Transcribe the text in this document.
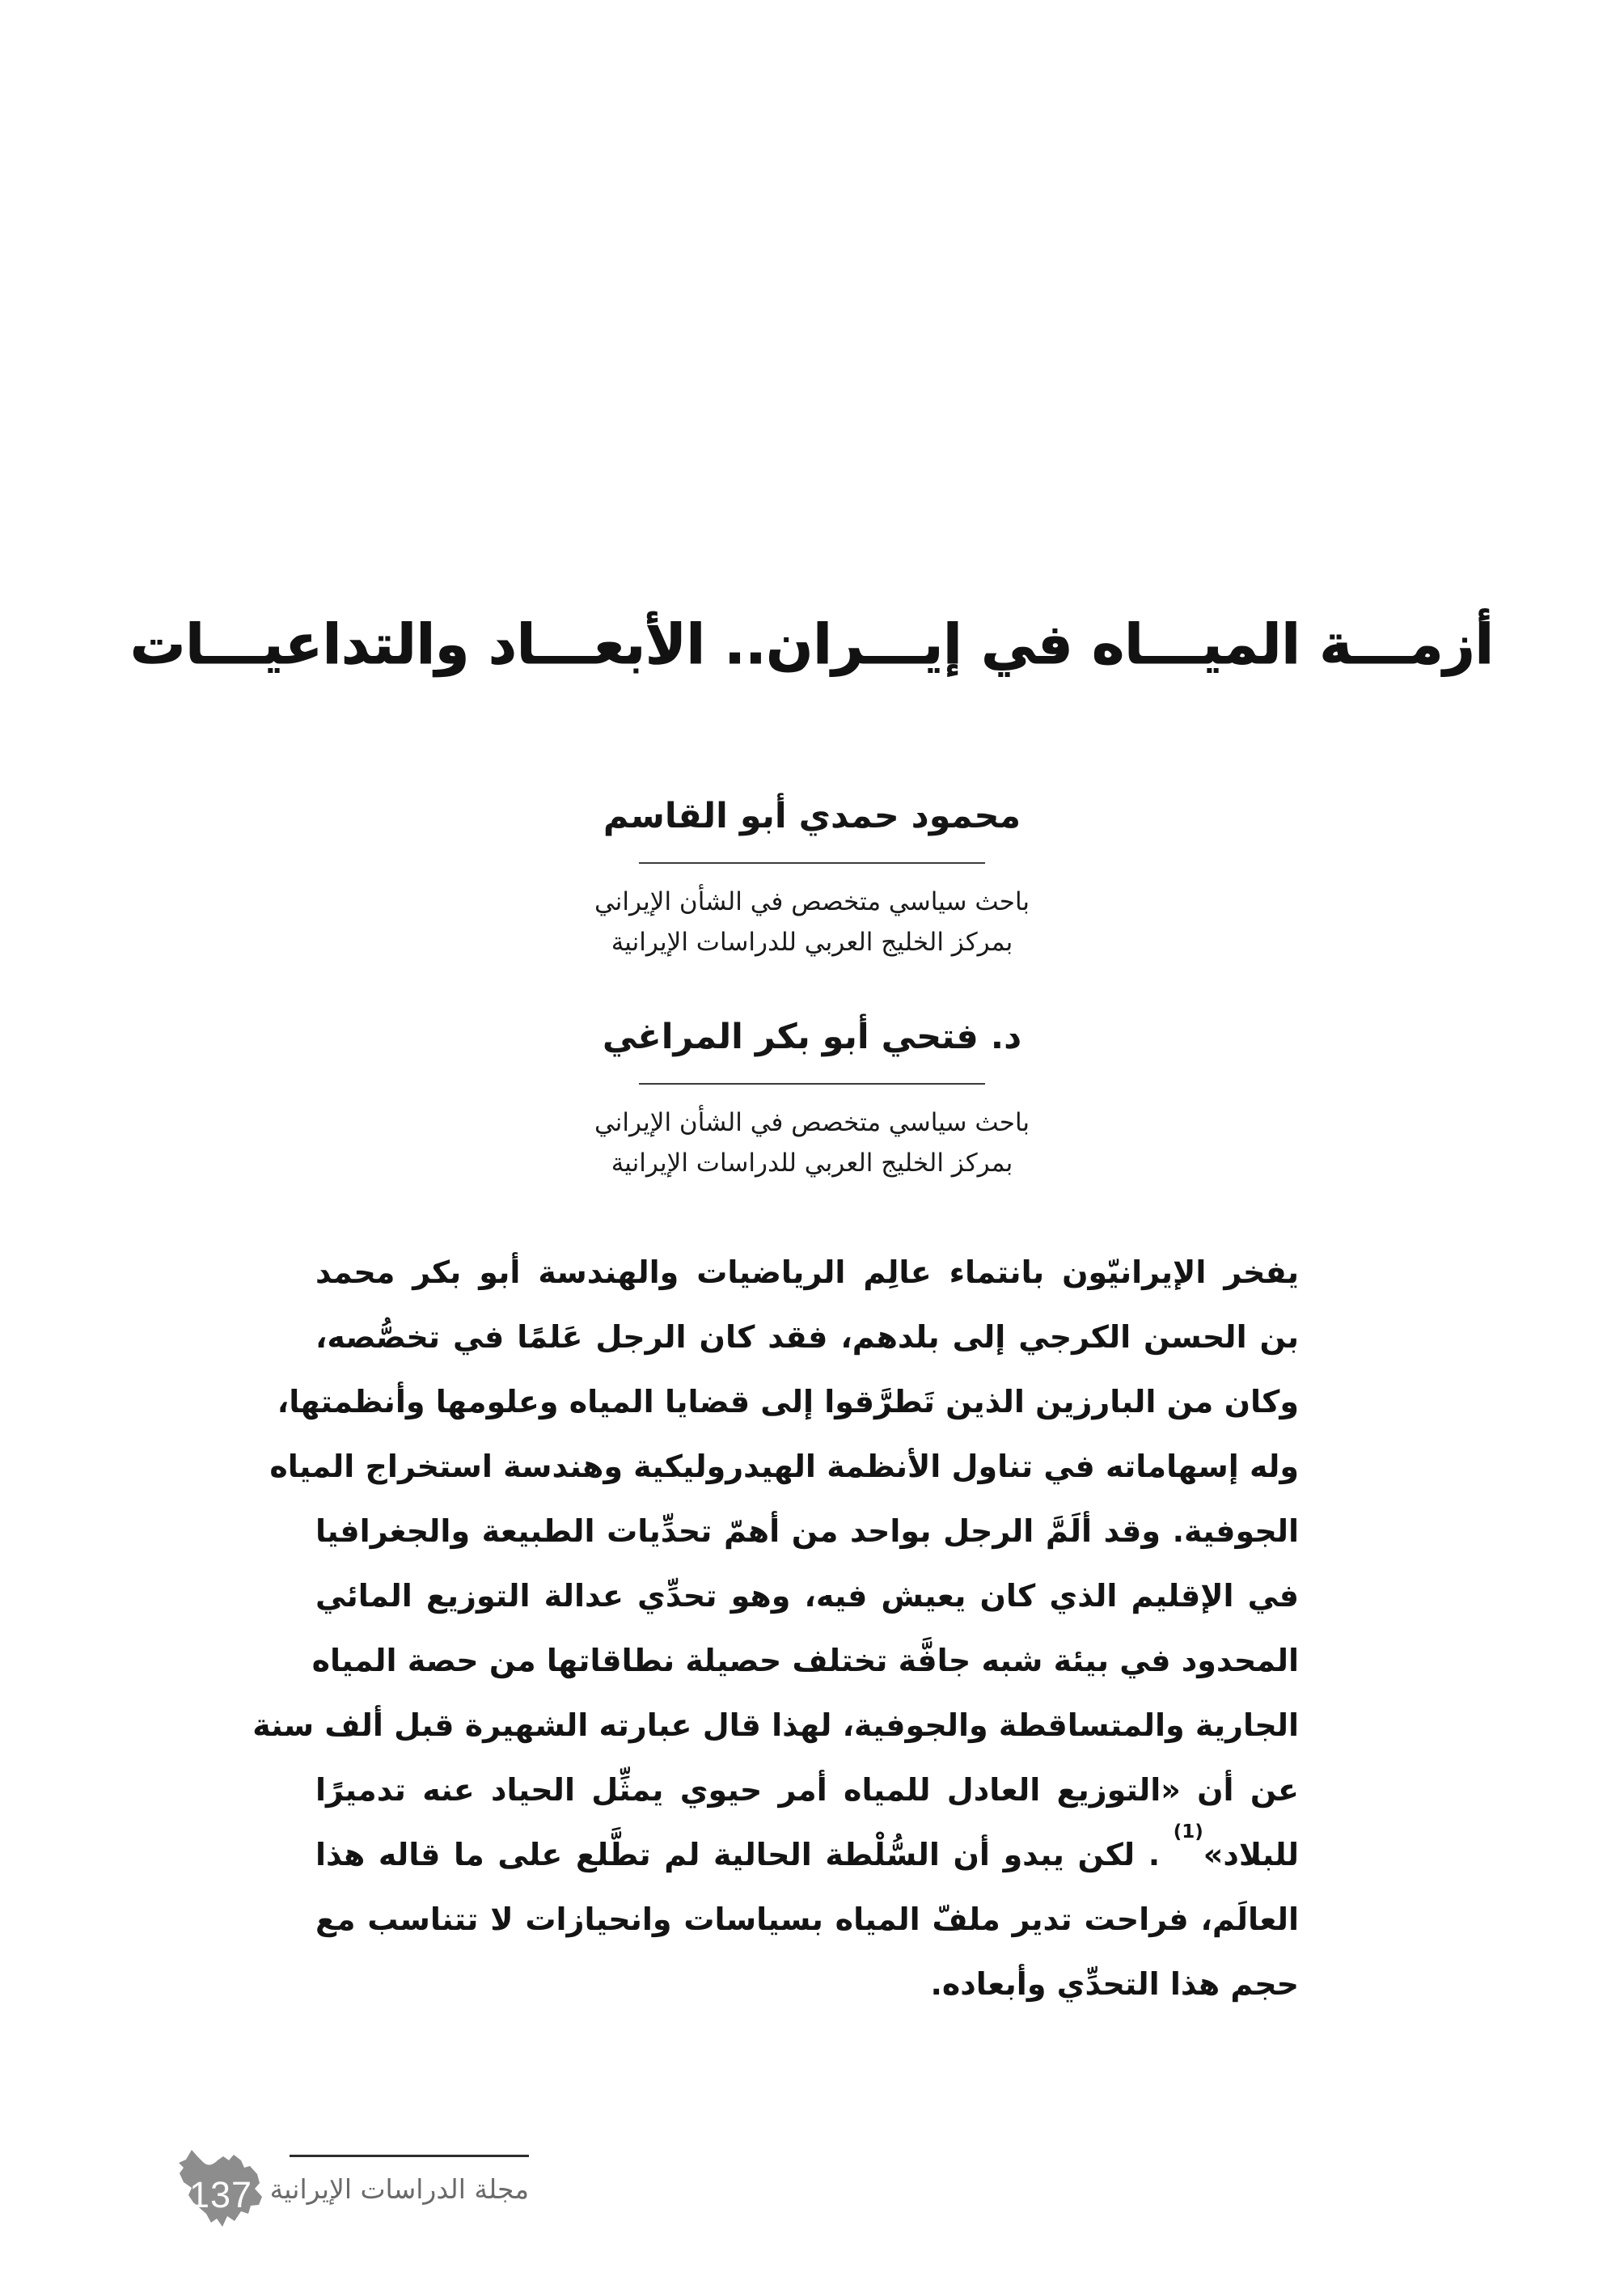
أزمـــة الميـــاه في إيـــران.. الأبعـــاد والتداعيـــات
محمود حمدي أبو القاسم
باحث سياسي متخصص في الشأن الإيراني
بمركز الخليج العربي للدراسات الإيرانية
د. فتحي أبو بكر المراغي
باحث سياسي متخصص في الشأن الإيراني
بمركز الخليج العربي للدراسات الإيرانية

يفخر الإيرانيّون بانتماء عالِم الرياضيات والهندسة أبو بكر محمد

بن الحسن الكرجي إلى بلدهم، فقد كان الرجل عَلمًا في تخصُّصه،

وكان من البارزين الذين تَطرَّقوا إلى قضايا المياه وعلومها وأنظمتها،

وله إسهاماته في تناول الأنظمة الهيدروليكية وهندسة استخراج المياه

الجوفية. وقد ألَمَّ الرجل بواحد من أهمّ تحدِّيات الطبيعة والجغرافيا

في الإقليم الذي كان يعيش فيه، وهو تحدِّي عدالة التوزيع المائي

المحدود في بيئة شبه جافَّة تختلف حصيلة نطاقاتها من حصة المياه

الجارية والمتساقطة والجوفية، لهذا قال عبارته الشهيرة قبل ألف سنة

عن أن «التوزيع العادل للمياه أمر حيوي يمثِّل الحياد عنه تدميرًا

للبلاد»$^{(1)}$ . لكن يبدو أن السُّلْطة الحالية لم تطَّلع على ما قاله هذا

العالَم، فراحت تدير ملفّ المياه بسياسات وانحيازات لا تتناسب مع

حجم هذا التحدِّي وأبعاده.

137 مجلة الدراسات الإيرانية
